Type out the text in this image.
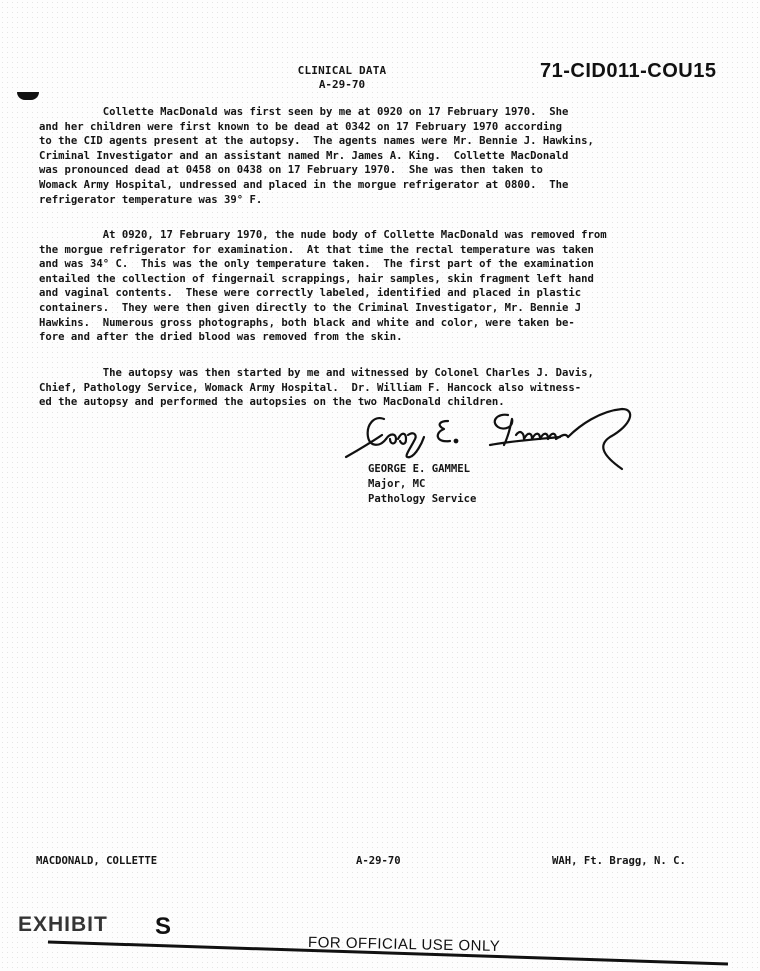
CLINICAL DATA
A-29-70
71-CID011-COU15
Collette MacDonald was first seen by me at 0920 on 17 February 1970.  She
and her children were first known to be dead at 0342 on 17 February 1970 according
to the CID agents present at the autopsy.  The agents names were Mr. Bennie J. Hawkins,
Criminal Investigator and an assistant named Mr. James A. King.  Collette MacDonald
was pronounced dead at 0458 on 0438 on 17 February 1970.  She was then taken to
Womack Army Hospital, undressed and placed in the morgue refrigerator at 0800.  The
refrigerator temperature was 39° F.
At 0920, 17 February 1970, the nude body of Collette MacDonald was removed from
the morgue refrigerator for examination.  At that time the rectal temperature was taken
and was 34° C.  This was the only temperature taken.  The first part of the examination
entailed the collection of fingernail scrappings, hair samples, skin fragment left hand
and vaginal contents.  These were correctly labeled, identified and placed in plastic
containers.  They were then given directly to the Criminal Investigator, Mr. Bennie J
Hawkins.  Numerous gross photographs, both black and white and color, were taken be-
fore and after the dried blood was removed from the skin.
The autopsy was then started by me and witnessed by Colonel Charles J. Davis,
Chief, Pathology Service, Womack Army Hospital.  Dr. William F. Hancock also witness-
ed the autopsy and performed the autopsies on the two MacDonald children.
GEORGE E. GAMMEL
Major, MC
Pathology Service
MACDONALD, COLLETTE	A-29-70	WAH, Ft. Bragg, N. C.
EXHIBIT S
FOR OFFICIAL USE ONLY
